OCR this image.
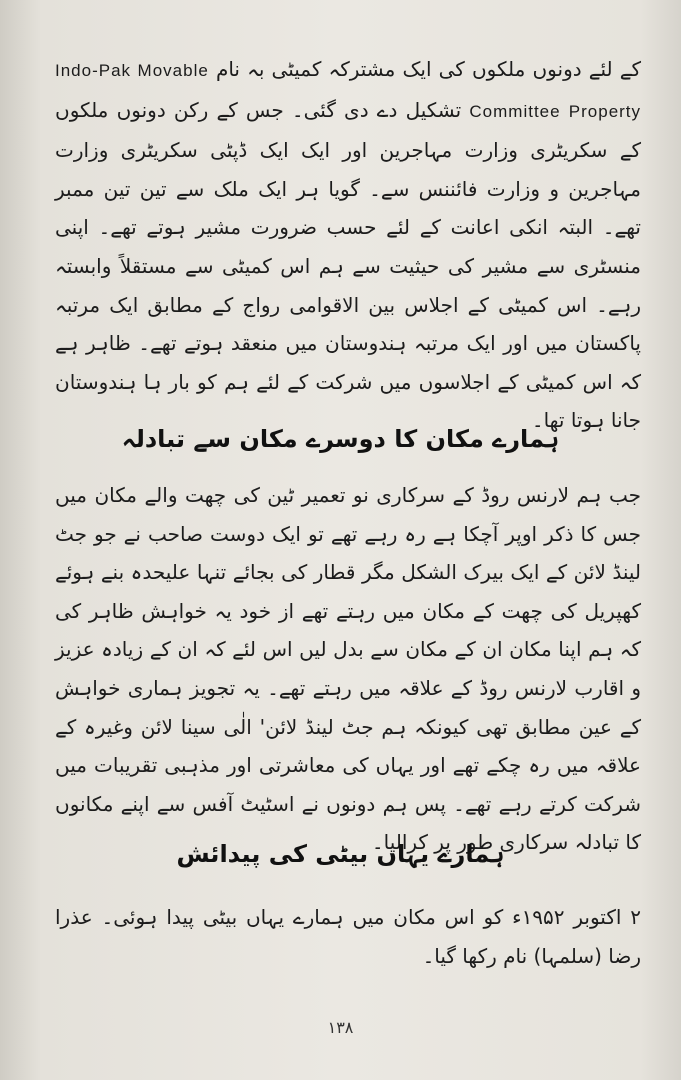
کے لئے دونوں ملکوں کی ایک مشترکہ کمیٹی بہ نام Indo-Pak Movable Property Committee تشکیل دے دی گئی۔ جس کے رکن دونوں ملکوں کے سکریٹری وزارت مہاجرین اور ایک ایک ڈپٹی سکریٹری وزارت مہاجرین و وزارت فائننس سے۔ گویا ہر ایک ملک سے تین تین ممبر تھے۔ البتہ انکی اعانت کے لئے حسب ضرورت مشیر ہوتے تھے۔ اپنی منسٹری سے مشیر کی حیثیت سے ہم اس کمیٹی سے مستقلاً وابستہ رہے۔ اس کمیٹی کے اجلاس بین الاقوامی رواج کے مطابق ایک مرتبہ پاکستان میں اور ایک مرتبہ ہندوستان میں منعقد ہوتے تھے۔ ظاہر ہے کہ اس کمیٹی کے اجلاسوں میں شرکت کے لئے ہم کو بار ہا ہندوستان جانا ہوتا تھا۔
ہمارے مکان کا دوسرے مکان سے تبادلہ

جب ہم لارنس روڈ کے سرکاری نو تعمیر ٹین کی چھت والے مکان میں جس کا ذکر اوپر آچکا ہے رہ رہے تھے تو ایک دوست صاحب نے جو جٹ لینڈ لائن کے ایک بیرک الشکل مگر قطار کی بجائے تنہا علیحدہ بنے ہوئے کھپریل کی چھت کے مکان میں رہتے تھے از خود یہ خواہش ظاہر کی کہ ہم اپنا مکان ان کے مکان سے بدل لیں اس لئے کہ ان کے زیادہ عزیز و اقارب لارنس روڈ کے علاقہ میں رہتے تھے۔ یہ تجویز ہماری خواہش کے عین مطابق تھی کیونکہ ہم جٹ لینڈ لائن' الٰی سینا لائن وغیرہ کے علاقہ میں رہ چکے تھے اور یہاں کی معاشرتی اور مذہبی تقریبات میں شرکت کرتے رہے تھے۔ پس ہم دونوں نے اسٹیٹ آفس سے اپنے مکانوں کا تبادلہ سرکاری طور پر کرالیا۔

ہمارے یہاں بیٹی کی پیدائش

۲ اکتوبر ۱۹۵۲ء کو اس مکان میں ہمارے یہاں بیٹی پیدا ہوئی۔ عذرا رضا (سلمہا) نام رکھا گیا۔

۱۳۸
